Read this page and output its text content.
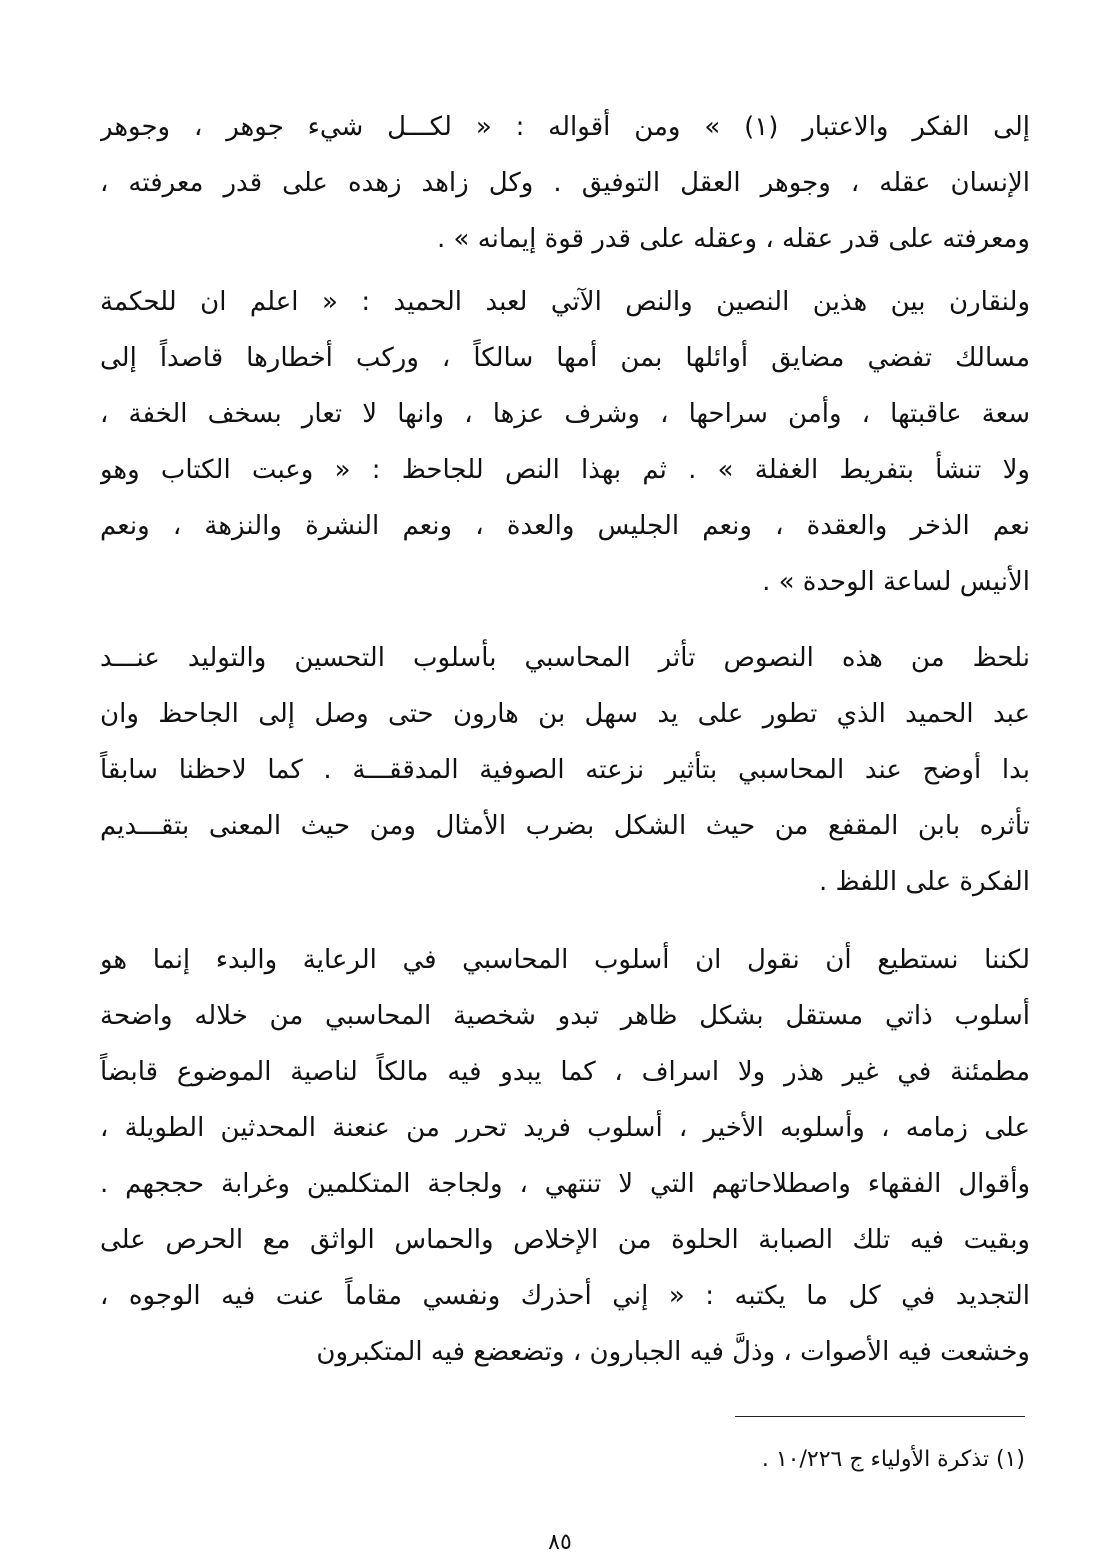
إلى الفكر والاعتبار (١) » ومن أقواله : « لكـــل شيء جوهر ، وجوهر
الإنسان عقله ، وجوهر العقل التوفيق . وكل زاهد زهده على قدر معرفته ،
ومعرفته على قدر عقله ، وعقله على قدر قوة إيمانه » .
ولنقارن بين هذين النصين والنص الآتي لعبد الحميد : « اعلم ان للحكمة
مسالك تفضي مضايق أوائلها بمن أمها سالكاً ، وركب أخطارها قاصداً إلى
سعة عاقبتها ، وأمن سراحها ، وشرف عزها ، وانها لا تعار بسخف الخفة ،
ولا تنشأ بتفريط الغفلة » . ثم بهذا النص للجاحظ : « وعبت الكتاب وهو
نعم الذخر والعقدة ، ونعم الجليس والعدة ، ونعم النشرة والنزهة ، ونعم
الأنيس لساعة الوحدة » .
نلحظ من هذه النصوص تأثر المحاسبي بأسلوب التحسين والتوليد عنـــد
عبد الحميد الذي تطور على يد سهل بن هارون حتى وصل إلى الجاحظ وان
بدا أوضح عند المحاسبي بتأثير نزعته الصوفية المدققـــة . كما لاحظنا سابقاً
تأثره بابن المقفع من حيث الشكل بضرب الأمثال ومن حيث المعنى بتقـــديم
الفكرة على اللفظ .
لكننا نستطيع أن نقول ان أسلوب المحاسبي في الرعاية والبدء إنما هو
أسلوب ذاتي مستقل بشكل ظاهر تبدو شخصية المحاسبي من خلاله واضحة
مطمئنة في غير هذر ولا اسراف ، كما يبدو فيه مالكاً لناصية الموضوع قابضاً
على زمامه ، وأسلوبه الأخير ، أسلوب فريد تحرر من عنعنة المحدثين الطويلة ،
وأقوال الفقهاء واصطلاحاتهم التي لا تنتهي ، ولجاجة المتكلمين وغرابة حججهم .
وبقيت فيه تلك الصبابة الحلوة من الإخلاص والحماس الواثق مع الحرص على
التجديد في كل ما يكتبه : « إني أحذرك ونفسي مقاماً عنت فيه الوجوه ،
وخشعت فيه الأصوات ، وذلَّ فيه الجبارون ، وتضعضع فيه المتكبرون
(١) تذكرة الأولياء ج ١٠/٢٢٦ .
٨٥
